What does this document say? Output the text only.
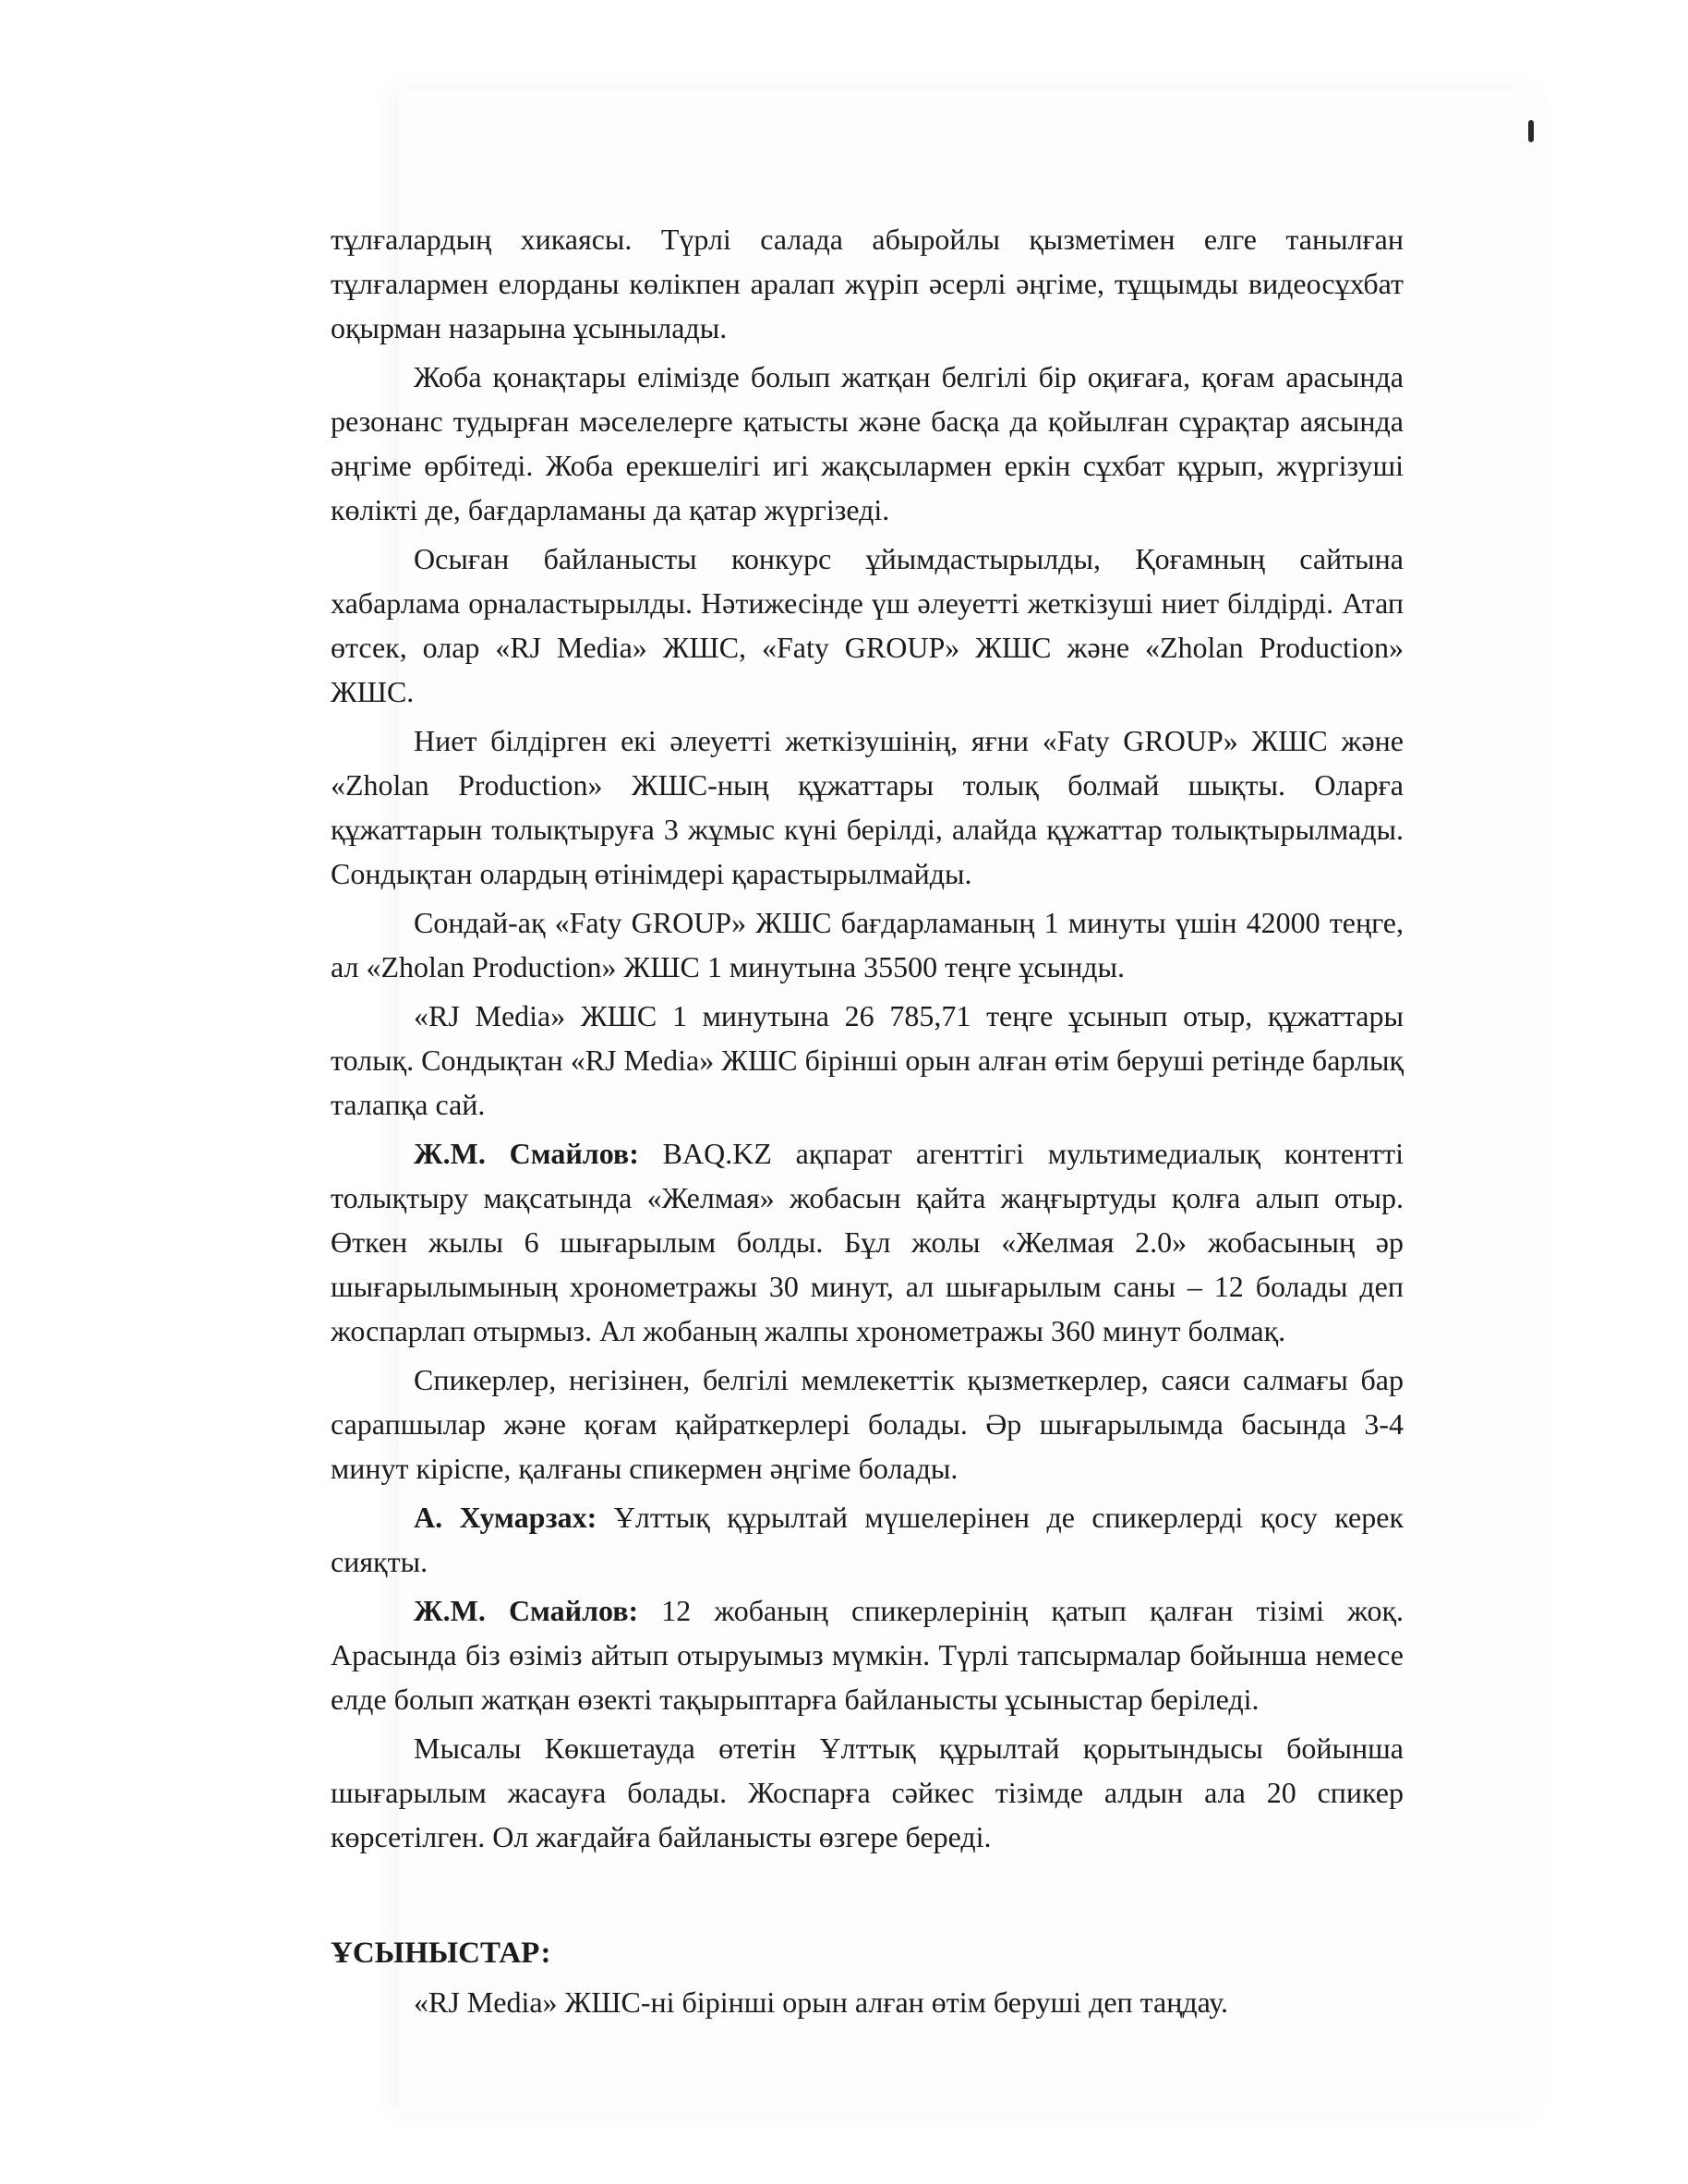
тұлғалардың хикаясы. Түрлі салада абыройлы қызметімен елге танылған тұлғалармен елорданы көлікпен аралап жүріп әсерлі әңгіме, тұщымды видеосұхбат оқырман назарына ұсынылады.

Жоба қонақтары елімізде болып жатқан белгілі бір оқиғаға, қоғам арасында резонанс тудырған мәселелерге қатысты және басқа да қойылған сұрақтар аясында әңгіме өрбітеді. Жоба ерекшелігі игі жақсылармен еркін сұхбат құрып, жүргізуші көлікті де, бағдарламаны да қатар жүргізеді.

Осыған байланысты конкурс ұйымдастырылды, Қоғамның сайтына хабарлама орналастырылды. Нәтижесінде үш әлеуетті жеткізуші ниет білдірді. Атап өтсек, олар «RJ Media» ЖШС, «Faty GROUP» ЖШС және «Zholan Production» ЖШС.

Ниет білдірген екі әлеуетті жеткізушінің, яғни «Faty GROUP» ЖШС және «Zholan Production» ЖШС-ның құжаттары толық болмай шықты. Оларға құжаттарын толықтыруға 3 жұмыс күні берілді, алайда құжаттар толықтырылмады. Сондықтан олардың өтінімдері қарастырылмайды.

Сондай-ақ «Faty GROUP» ЖШС бағдарламаның 1 минуты үшін 42000 теңге, ал «Zholan Production» ЖШС 1 минутына 35500 теңге ұсынды.

«RJ Media» ЖШС 1 минутына 26 785,71 теңге ұсынып отыр, құжаттары толық. Сондықтан «RJ Media» ЖШС бірінші орын алған өтім беруші ретінде барлық талапқа сай.

Ж.М. Смайлов: BAQ.KZ ақпарат агенттігі мультимедиалық контентті толықтыру мақсатында «Желмая» жобасын қайта жаңғыртуды қолға алып отыр. Өткен жылы 6 шығарылым болды. Бұл жолы «Желмая 2.0» жобасының әр шығарылымының хронометражы 30 минут, ал шығарылым саны – 12 болады деп жоспарлап отырмыз. Ал жобаның жалпы хронометражы 360 минут болмақ.

Спикерлер, негізінен, белгілі мемлекеттік қызметкерлер, саяси салмағы бар сарапшылар және қоғам қайраткерлері болады. Әр шығарылымда басында 3-4 минут кіріспе, қалғаны спикермен әңгіме болады.

А. Хумарзах: Ұлттық құрылтай мүшелерінен де спикерлерді қосу керек сияқты.

Ж.М. Смайлов: 12 жобаның спикерлерінің қатып қалған тізімі жоқ. Арасында біз өзіміз айтып отыруымыз мүмкін. Түрлі тапсырмалар бойынша немесе елде болып жатқан өзекті тақырыптарға байланысты ұсыныстар беріледі.

Мысалы Көкшетауда өтетін Ұлттық құрылтай қорытындысы бойынша шығарылым жасауға болады. Жоспарға сәйкес тізімде алдын ала 20 спикер көрсетілген. Ол жағдайға байланысты өзгере береді.

ҰСЫНЫСТАР:

«RJ Media» ЖШС-ні бірінші орын алған өтім беруші деп таңдау.
